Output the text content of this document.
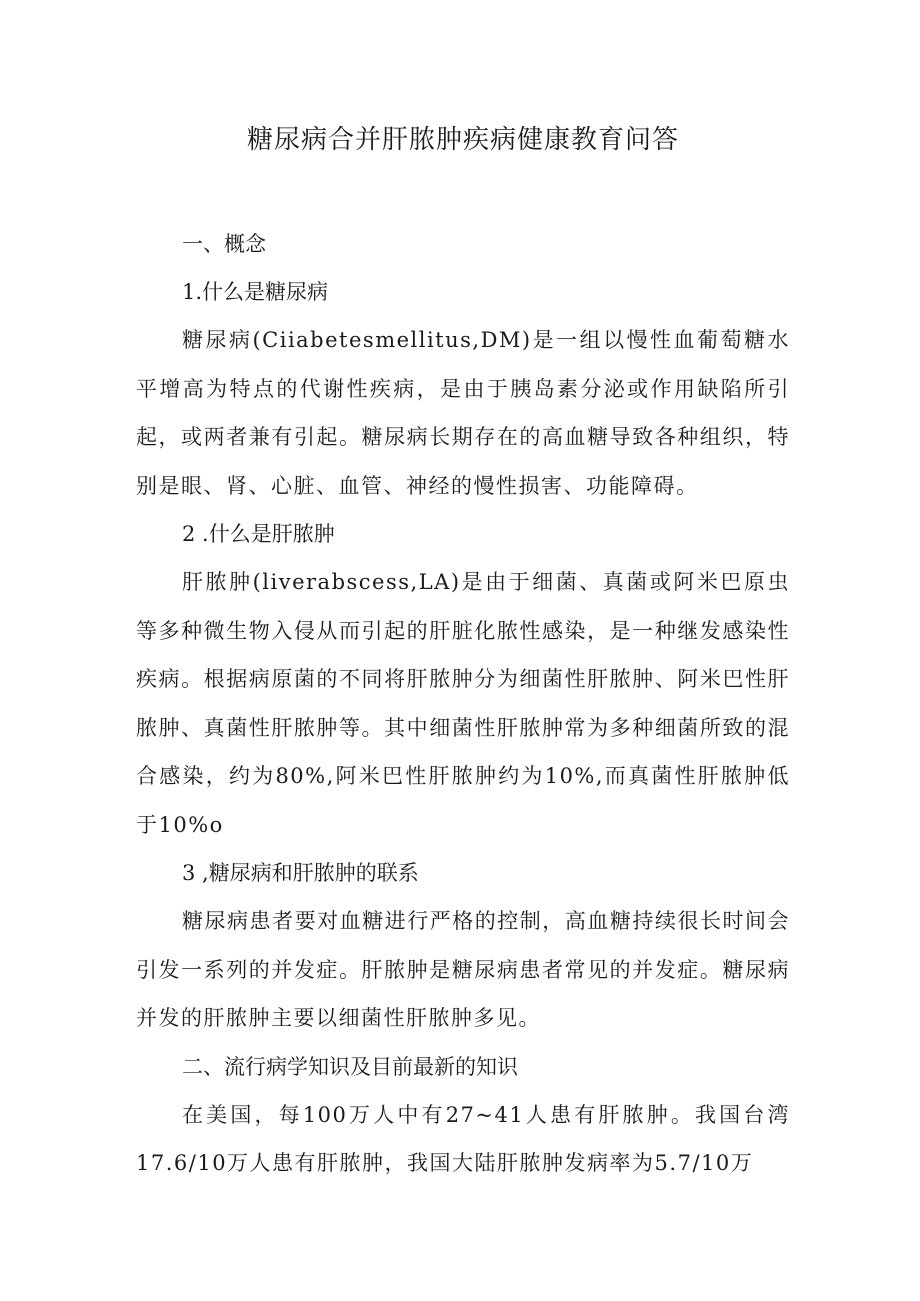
糖尿病合并肝脓肿疾病健康教育问答

一、概念

1.什么是糖尿病

糖尿病(Ciiabetesmellitus,DM)是一组以慢性血葡萄糖水平增高为特点的代谢性疾病，是由于胰岛素分泌或作用缺陷所引起，或两者兼有引起。糖尿病长期存在的高血糖导致各种组织，特别是眼、肾、心脏、血管、神经的慢性损害、功能障碍。

2 .什么是肝脓肿

肝脓肿(liverabscess,LA)是由于细菌、真菌或阿米巴原虫等多种微生物入侵从而引起的肝脏化脓性感染，是一种继发感染性疾病。根据病原菌的不同将肝脓肿分为细菌性肝脓肿、阿米巴性肝脓肿、真菌性肝脓肿等。其中细菌性肝脓肿常为多种细菌所致的混合感染，约为80%,阿米巴性肝脓肿约为10%,而真菌性肝脓肿低于10%o

3 ,糖尿病和肝脓肿的联系

糖尿病患者要对血糖进行严格的控制，高血糖持续很长时间会引发一系列的并发症。肝脓肿是糖尿病患者常见的并发症。糖尿病并发的肝脓肿主要以细菌性肝脓肿多见。

二、流行病学知识及目前最新的知识

在美国，每100万人中有27~41人患有肝脓肿。我国台湾17.6/10万人患有肝脓肿，我国大陆肝脓肿发病率为5.7/10万
